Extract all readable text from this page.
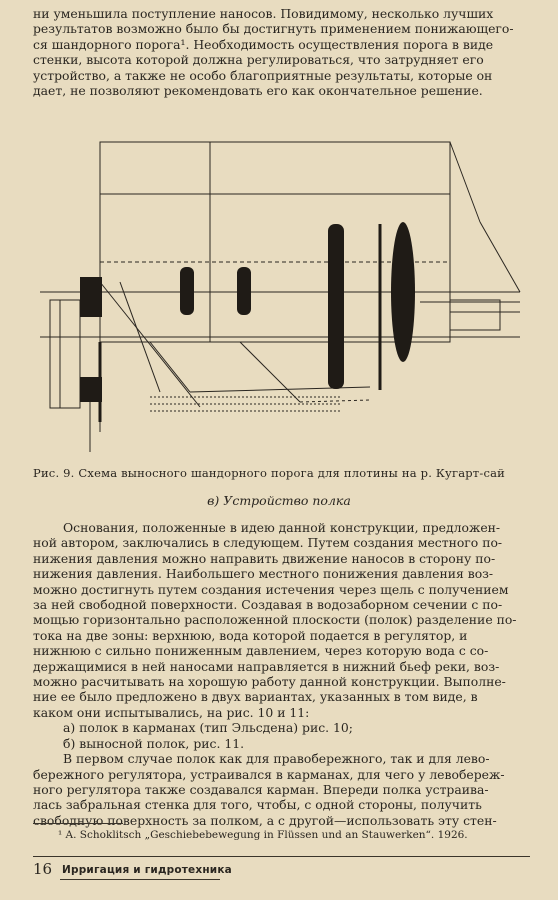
ни уменьшила поступление наносов. Повидимому, несколько лучших
результатов возможно было бы достигнуть применением понижающего-
ся шандорного порога¹. Необходимость осуществления порога в виде
стенки, высота которой должна регулироваться, что затрудняет его
устройство, а также не особо благоприятные результаты, которые он
дает, не позволяют рекомендовать его как окончательное решение.

Рис. 9. Схема выносного шандорного порога для плотины на р. Кугарт-сай
в) Устройство полка

Основания, положенные в идею данной конструкции, предложен-
ной автором, заключались в следующем. Путем создания местного по-
нижения давления можно направить движение наносов в сторону по-
нижения давления. Наибольшего местного понижения давления воз-
можно достигнуть путем создания истечения через щель с получением
за ней свободной поверхности. Создавая в водозаборном сечении с по-
мощью горизонтально расположенной плоскости (полок) разделение по-
тока на две зоны: верхнюю, вода которой подается в регулятор, и
нижнюю с сильно пониженным давлением, через которую вода с со-
держащимися в ней наносами направляется в нижний бьеф реки, воз-
можно расчитывать на хорошую работу данной конструкции. Выполне-
ние ее было предложено в двух вариантах, указанных в том виде, в
каком они испытывались, на рис. 10 и 11:
а) полок в карманах (тип Эльсдена) рис. 10;
б) выносной полок, рис. 11.
В первом случае полок как для правобережного, так и для лево-
бережного регулятора, устраивался в карманах, для чего у левобереж-
ного регулятора также создавался карман. Впереди полка устраива-
лась забральная стенка для того, чтобы, с одной стороны, получить
свободную поверхность за полком, а с другой—использовать эту стен-

¹ A. Schoklitsch „Geschiebebewegung in Flüssen und an Stauwerken“. 1926.
16 Ирригация и гидротехника
